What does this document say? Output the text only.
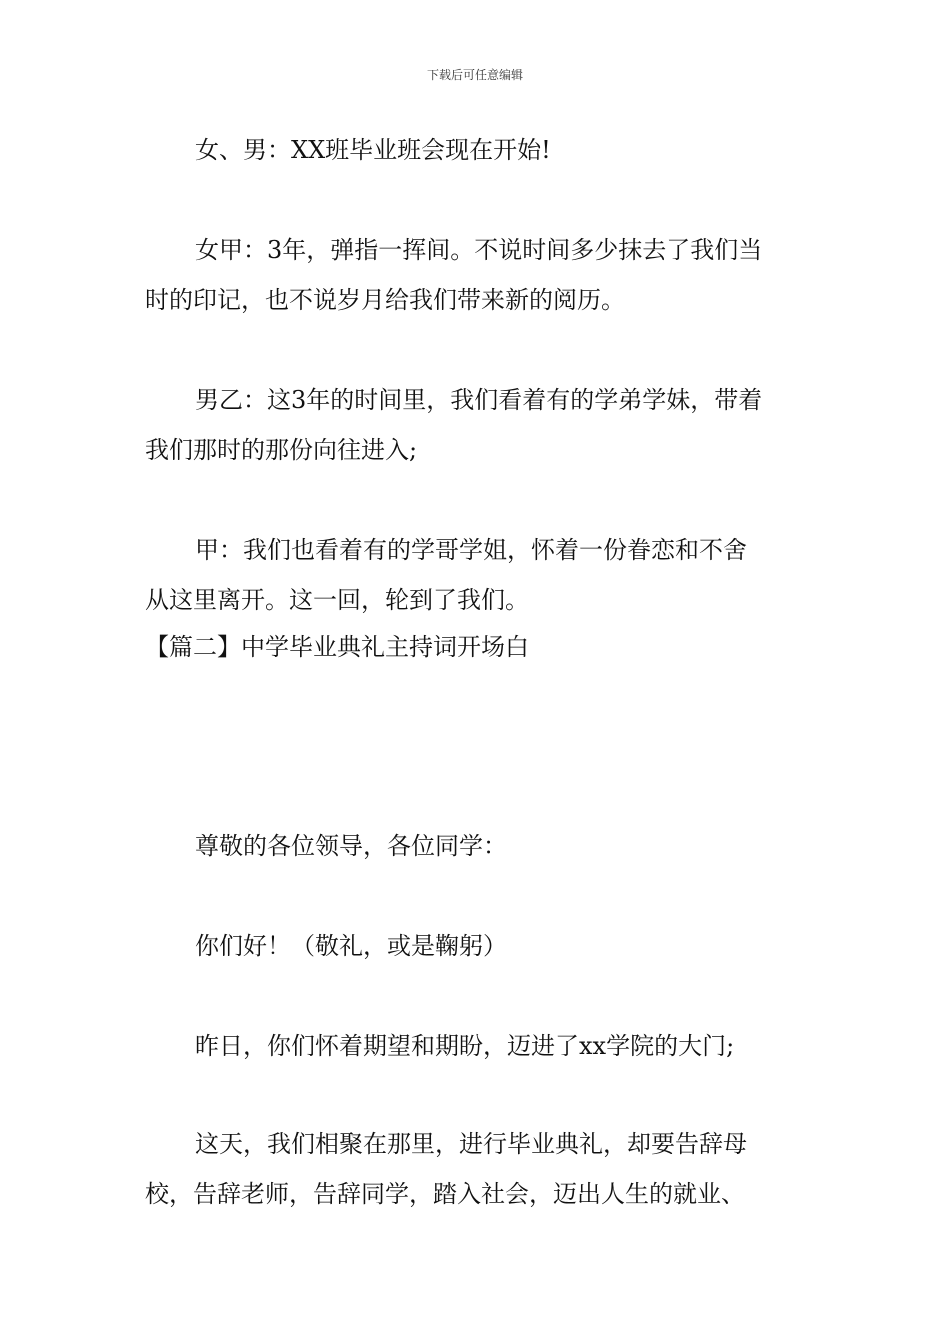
下载后可任意编辑
女、男：XX班毕业班会现在开始!
女甲：3年，弹指一挥间。不说时间多少抹去了我们当
时的印记，也不说岁月给我们带来新的阅历。
男乙：这3年的时间里，我们看着有的学弟学妹，带着
我们那时的那份向往进入;
甲：我们也看着有的学哥学姐，怀着一份眷恋和不舍
从这里离开。这一回，轮到了我们。
【篇二】中学毕业典礼主持词开场白
尊敬的各位领导，各位同学：
你们好！（敬礼，或是鞠躬）
昨日，你们怀着期望和期盼，迈进了xx学院的大门;
这天，我们相聚在那里，进行毕业典礼，却要告辞母
校，告辞老师，告辞同学，踏入社会，迈出人生的就业、
